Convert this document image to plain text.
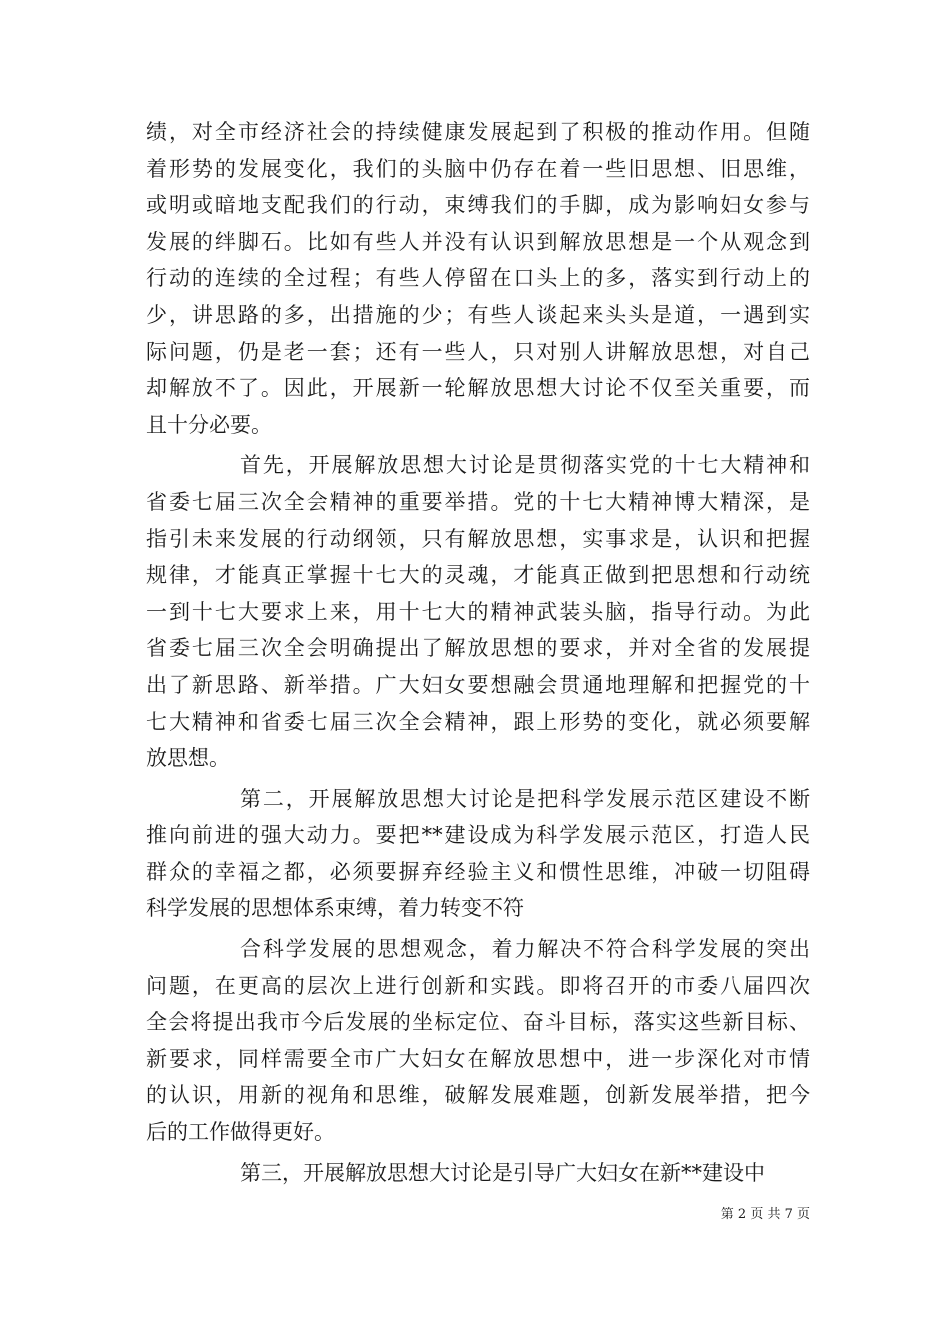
绩，对全市经济社会的持续健康发展起到了积极的推动作用。但随
着形势的发展变化，我们的头脑中仍存在着一些旧思想、旧思维，
或明或暗地支配我们的行动，束缚我们的手脚，成为影响妇女参与
发展的绊脚石。比如有些人并没有认识到解放思想是一个从观念到
行动的连续的全过程；有些人停留在口头上的多，落实到行动上的
少，讲思路的多，出措施的少；有些人谈起来头头是道，一遇到实
际问题，仍是老一套；还有一些人，只对别人讲解放思想，对自己
却解放不了。因此，开展新一轮解放思想大讨论不仅至关重要，而
且十分必要。
首先，开展解放思想大讨论是贯彻落实党的十七大精神和
省委七届三次全会精神的重要举措。党的十七大精神博大精深，是
指引未来发展的行动纲领，只有解放思想，实事求是，认识和把握
规律，才能真正掌握十七大的灵魂，才能真正做到把思想和行动统
一到十七大要求上来，用十七大的精神武装头脑，指导行动。为此
省委七届三次全会明确提出了解放思想的要求，并对全省的发展提
出了新思路、新举措。广大妇女要想融会贯通地理解和把握党的十
七大精神和省委七届三次全会精神，跟上形势的变化，就必须要解
放思想。
第二，开展解放思想大讨论是把科学发展示范区建设不断
推向前进的强大动力。要把**建设成为科学发展示范区，打造人民
群众的幸福之都，必须要摒弃经验主义和惯性思维，冲破一切阻碍
科学发展的思想体系束缚，着力转变不符
合科学发展的思想观念，着力解决不符合科学发展的突出
问题，在更高的层次上进行创新和实践。即将召开的市委八届四次
全会将提出我市今后发展的坐标定位、奋斗目标，落实这些新目标、
新要求，同样需要全市广大妇女在解放思想中，进一步深化对市情
的认识，用新的视角和思维，破解发展难题，创新发展举措，把今
后的工作做得更好。
第三，开展解放思想大讨论是引导广大妇女在新**建设中
第 2 页 共 7 页
